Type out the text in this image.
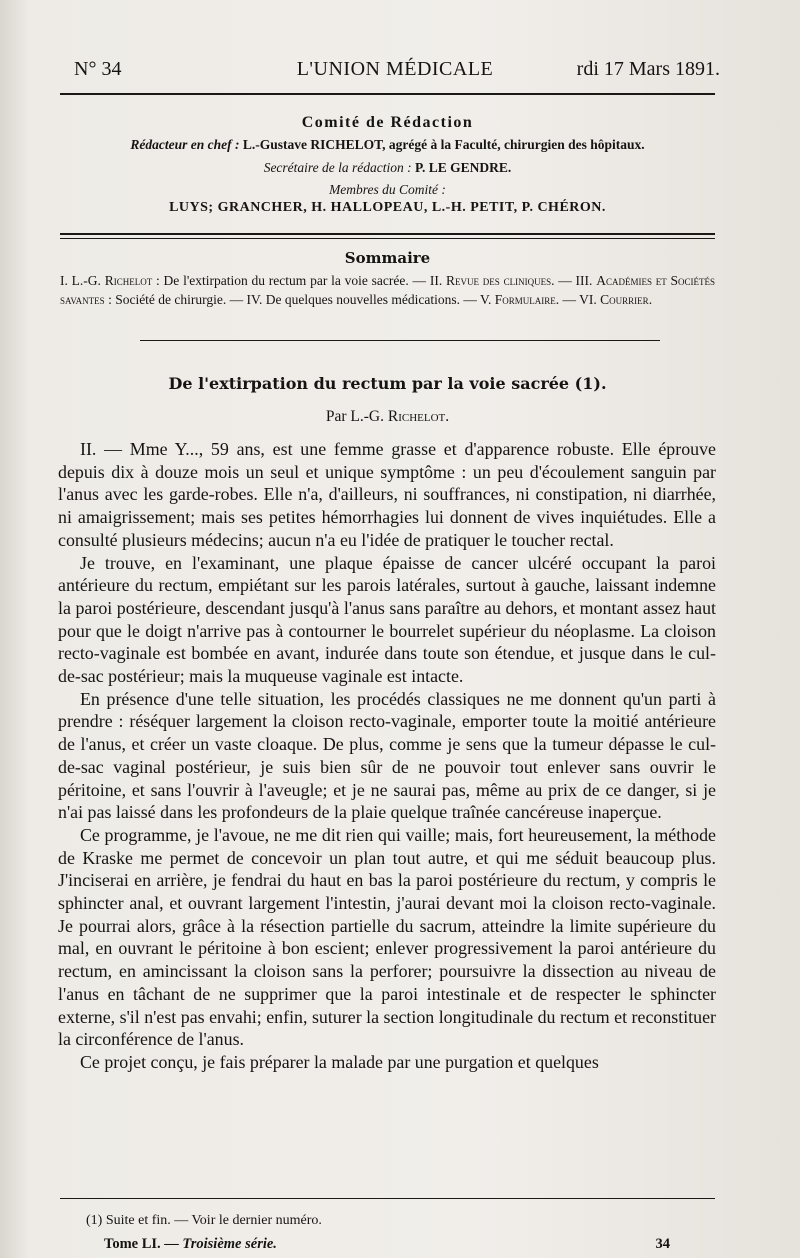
N° 34	L'UNION MÉDICALE	rdi 17 Mars 1891.
Comité de Rédaction
Rédacteur en chef : L.-Gustave RICHELOT, agrégé à la Faculté, chirurgien des hôpitaux.
Secrétaire de la rédaction : P. LE GENDRE.
Membres du Comité :
LUYS; GRANCHER, H. HALLOPEAU, L.-H. PETIT, P. CHÉRON.
Sommaire
I. L.-G. Richelot : De l'extirpation du rectum par la voie sacrée. — II. Revue des cliniques. — III. Académies et Sociétés savantes : Société de chirurgie. — IV. De quelques nouvelles médications. — V. Formulaire. — VI. Courrier.
De l'extirpation du rectum par la voie sacrée (1).
Par L.-G. Richelot.

II. — Mme Y..., 59 ans, est une femme grasse et d'apparence robuste. Elle éprouve depuis dix à douze mois un seul et unique symptôme : un peu d'écoulement sanguin par l'anus avec les garde-robes. Elle n'a, d'ailleurs, ni souffrances, ni constipation, ni diarrhée, ni amaigrissement; mais ses petites hémorrhagies lui donnent de vives inquiétudes. Elle a consulté plusieurs médecins; aucun n'a eu l'idée de pratiquer le toucher rectal.

Je trouve, en l'examinant, une plaque épaisse de cancer ulcéré occupant la paroi antérieure du rectum, empiétant sur les parois latérales, surtout à gauche, laissant indemne la paroi postérieure, descendant jusqu'à l'anus sans paraître au dehors, et montant assez haut pour que le doigt n'arrive pas à contourner le bourrelet supérieur du néoplasme. La cloison recto-vaginale est bombée en avant, indurée dans toute son étendue, et jusque dans le cul-de-sac postérieur; mais la muqueuse vaginale est intacte.

En présence d'une telle situation, les procédés classiques ne me donnent qu'un parti à prendre : réséquer largement la cloison recto-vaginale, emporter toute la moitié antérieure de l'anus, et créer un vaste cloaque. De plus, comme je sens que la tumeur dépasse le cul-de-sac vaginal postérieur, je suis bien sûr de ne pouvoir tout enlever sans ouvrir le péritoine, et sans l'ouvrir à l'aveugle; et je ne saurai pas, même au prix de ce danger, si je n'ai pas laissé dans les profondeurs de la plaie quelque traînée cancéreuse inaperçue.

Ce programme, je l'avoue, ne me dit rien qui vaille; mais, fort heureusement, la méthode de Kraske me permet de concevoir un plan tout autre, et qui me séduit beaucoup plus. J'inciserai en arrière, je fendrai du haut en bas la paroi postérieure du rectum, y compris le sphincter anal, et ouvrant largement l'intestin, j'aurai devant moi la cloison recto-vaginale. Je pourrai alors, grâce à la résection partielle du sacrum, atteindre la limite supérieure du mal, en ouvrant le péritoine à bon escient; enlever progressivement la paroi antérieure du rectum, en amincissant la cloison sans la perforer; poursuivre la dissection au niveau de l'anus en tâchant de ne supprimer que la paroi intestinale et de respecter le sphincter externe, s'il n'est pas envahi; enfin, suturer la section longitudinale du rectum et reconstituer la circonférence de l'anus.

Ce projet conçu, je fais préparer la malade par une purgation et quelques

(1) Suite et fin. — Voir le dernier numéro.
Tome LI. — Troisième série.	34
